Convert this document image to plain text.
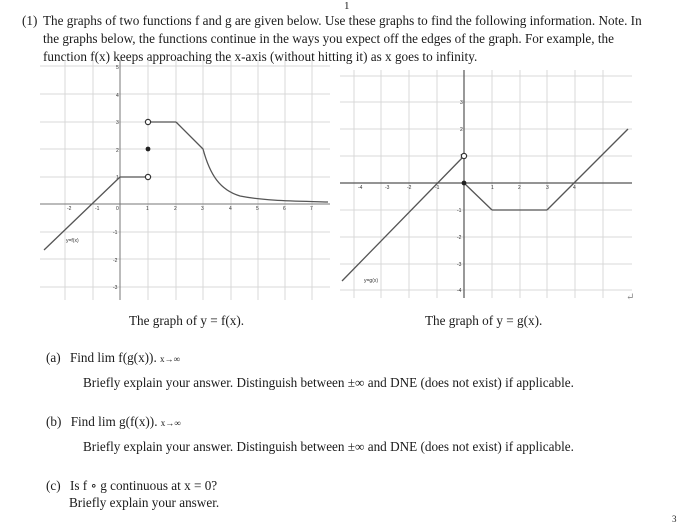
1
(1) The graphs of two functions f and g are given below. Use these graphs to find the following information. Note. In
the graphs below, the functions continue in the ways you expect off the edges of the graph. For example, the
function f(x) keeps approaching the x-axis (without hitting it) as x goes to infinity.
-2	-1	0	1	2	3	4	5	6	7
5
4
3
2
1
-1
-2
-3
y=f(x)
-4	-3	-2	-1	1	2	3	4
3
2
-1
-2
-3
-4
y=g(x)
↵
The graph of y = f(x).	The graph of y = g(x).
(a) Find lim f(g(x)). x→∞
Briefly explain your answer. Distinguish between ±∞ and DNE (does not exist) if applicable.
(b) Find lim g(f(x)). x→∞
Briefly explain your answer. Distinguish between ±∞ and DNE (does not exist) if applicable.
(c) Is f ∘ g continuous at x = 0?
Briefly explain your answer.
3
